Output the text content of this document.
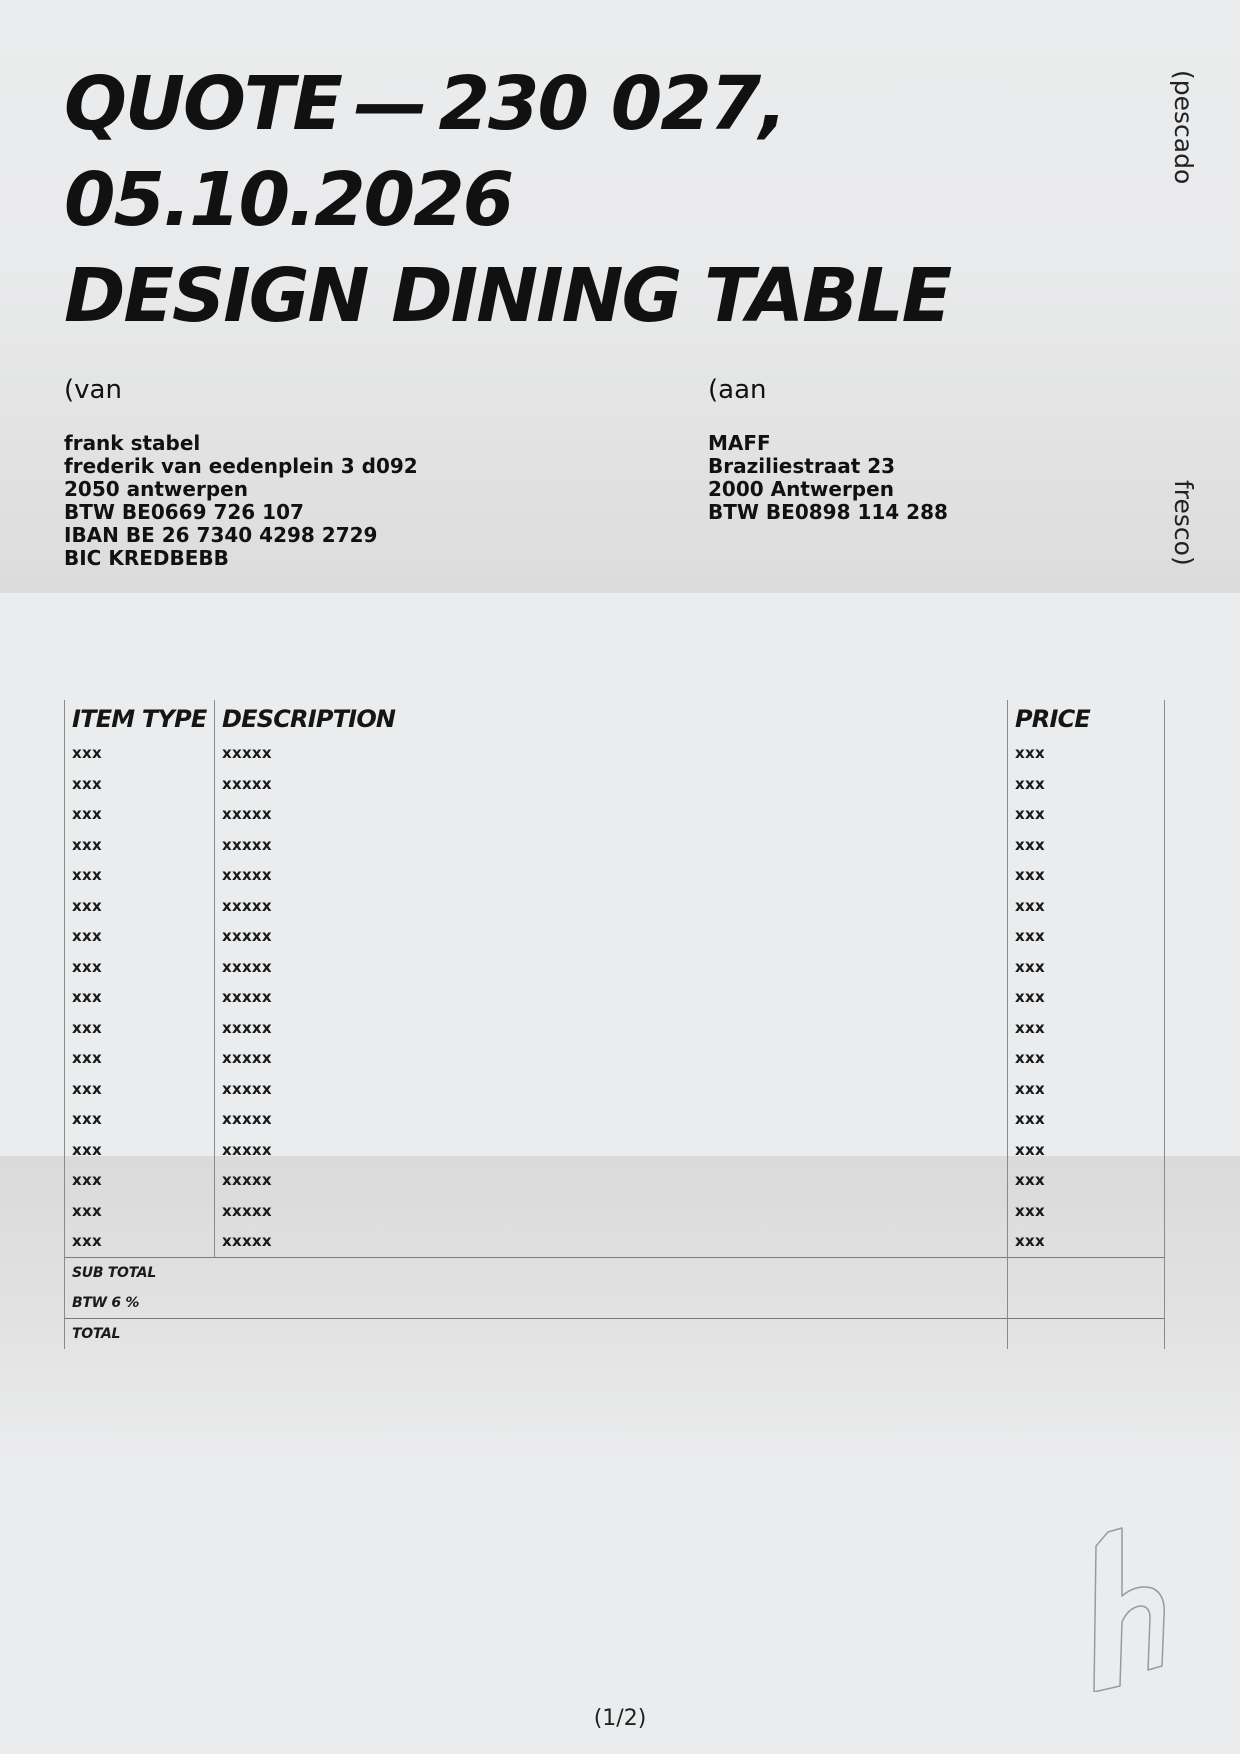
QUOTE — 230 027,
05.10.2026
DESIGN DINING TABLE
(pescado
fresco)
(van
frank stabel
frederik van eedenplein 3 d092
2050 antwerpen
BTW BE0669 726 107
IBAN BE 26 7340 4298 2729
BIC KREDBEBB
(aan
MAFF
Braziliestraat 23
2000 Antwerpen
BTW BE0898 114 288
ITEM TYPE	DESCRIPTION	PRICE
xxx	xxxxx	xxx
xxx	xxxxx	xxx
xxx	xxxxx	xxx
xxx	xxxxx	xxx
xxx	xxxxx	xxx
xxx	xxxxx	xxx
xxx	xxxxx	xxx
xxx	xxxxx	xxx
xxx	xxxxx	xxx
xxx	xxxxx	xxx
xxx	xxxxx	xxx
xxx	xxxxx	xxx
xxx	xxxxx	xxx
xxx	xxxxx	xxx
xxx	xxxxx	xxx
xxx	xxxxx	xxx
xxx	xxxxx	xxx
SUB TOTAL		
BTW 6 %		
TOTAL		
(1/2)
